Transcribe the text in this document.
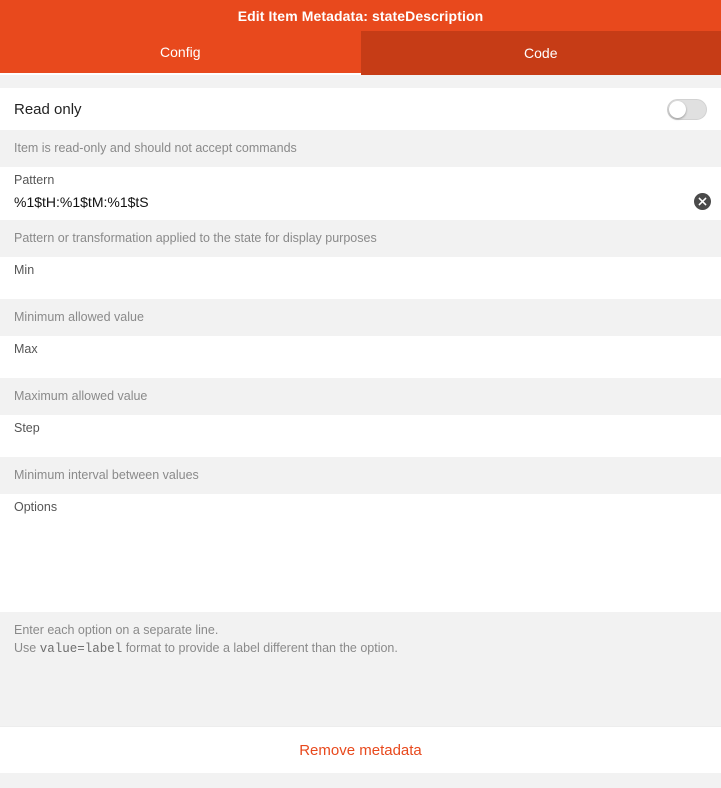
Edit Item Metadata: stateDescription
Config	Code
Read only
Item is read-only and should not accept commands
Pattern
%1$tH:%1$tM:%1$tS
Pattern or transformation applied to the state for display purposes
Min
Minimum allowed value
Max
Maximum allowed value
Step
Minimum interval between values
Options
Enter each option on a separate line.
Use value=label format to provide a label different than the option.
Remove metadata
